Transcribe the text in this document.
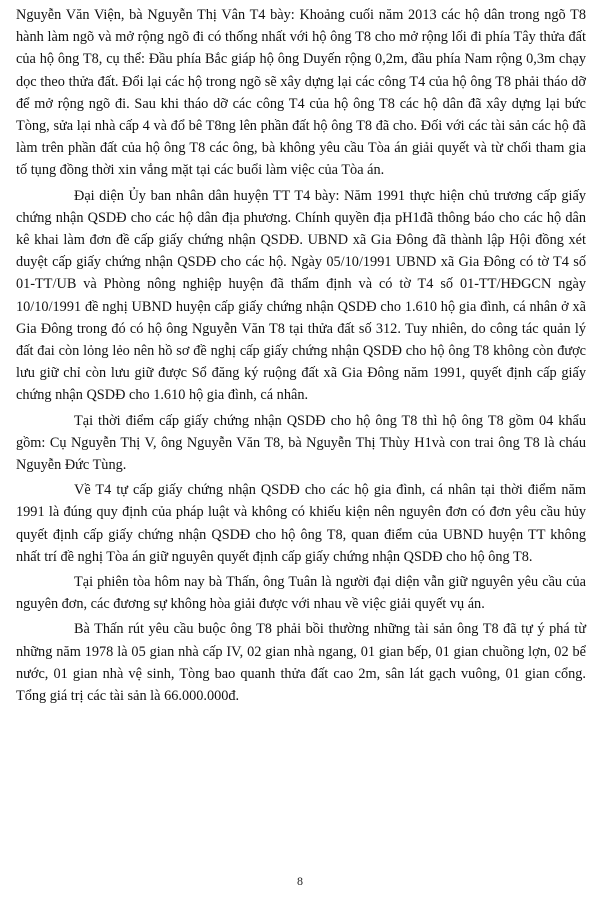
Nguyễn Văn Viện, bà Nguyễn Thị Vân T4 bày: Khoảng cuối năm 2013 các hộ dân trong ngõ T8 hành làm ngõ và mở rộng ngõ đi có thống nhất với hộ ông T8 cho mở rộng lối đi phía Tây thửa đất của hộ ông T8, cụ thể: Đầu phía Bắc giáp hộ ông Duyến rộng 0,2m, đầu phía Nam rộng 0,3m chạy dọc theo thửa đất. Đổi lại các hộ trong ngõ sẽ xây dựng lại các công T4 của hộ ông T8 phải tháo dỡ để mở rộng ngõ đi. Sau khi tháo dỡ các công T4 của hộ ông T8 các hộ dân đã xây dựng lại bức Tòng, sửa lại nhà cấp 4 và đổ bê T8ng lên phần đất hộ ông T8 đã cho. Đối với các tài sản các hộ đã làm trên phần đất của hộ ông T8 các ông, bà không yêu cầu Tòa án giải quyết và từ chối tham gia tố tụng đồng thời xin vắng mặt tại các buổi làm việc của Tòa án.

Đại diện Ủy ban nhân dân huyện TT T4 bày: Năm 1991 thực hiện chủ trương cấp giấy chứng nhận QSDĐ cho các hộ dân địa phương. Chính quyền địa pH1đã thông báo cho các hộ dân kê khai làm đơn đề cấp giấy chứng nhận QSDĐ. UBND xã Gia Đông đã thành lập Hội đồng xét duyệt cấp giấy chứng nhận QSDĐ cho các hộ. Ngày 05/10/1991 UBND xã Gia Đông có tờ T4 số 01-TT/UB và Phòng nông nghiệp huyện đã thẩm định và có tờ T4 số 01-TT/HĐGCN ngày 10/10/1991 đề nghị UBND huyện cấp giấy chứng nhận QSDĐ cho 1.610 hộ gia đình, cá nhân ở xã Gia Đông trong đó có hộ ông Nguyễn Văn T8 tại thửa đất số 312. Tuy nhiên, do công tác quản lý đất đai còn lỏng lẻo nên hồ sơ đề nghị cấp giấy chứng nhận QSDĐ cho hộ ông T8 không còn được lưu giữ chỉ còn lưu giữ được Sổ đăng ký ruộng đất xã Gia Đông năm 1991, quyết định cấp giấy chứng nhận QSDĐ cho 1.610 hộ gia đình, cá nhân.

Tại thời điểm cấp giấy chứng nhận QSDĐ cho hộ ông T8 thì hộ ông T8 gồm 04 khẩu gồm: Cụ Nguyễn Thị V, ông Nguyễn Văn T8, bà Nguyễn Thị Thùy H1và con trai ông T8 là cháu Nguyễn Đức Tùng.

Về T4 tự cấp giấy chứng nhận QSDĐ cho các hộ gia đình, cá nhân tại thời điểm năm 1991 là đúng quy định của pháp luật và không có khiếu kiện nên nguyên đơn có đơn yêu cầu hủy quyết định cấp giấy chứng nhận QSDĐ cho hộ ông T8, quan điểm của UBND huyện TT không nhất trí đề nghị Tòa án giữ nguyên quyết định cấp giấy chứng nhận QSDĐ cho hộ ông T8.

Tại phiên tòa hôm nay bà Thấn, ông Tuân là người đại diện vẫn giữ nguyên yêu cầu của nguyên đơn, các đương sự không hòa giải được với nhau về việc giải quyết vụ án.

Bà Thấn rút yêu cầu buộc ông T8 phải bồi thường những tài sản ông T8 đã tự ý phá từ những năm 1978 là 05 gian nhà cấp IV, 02 gian nhà ngang, 01 gian bếp, 01 gian chuồng lợn, 02 bể nước, 01 gian nhà vệ sinh, Tòng bao quanh thửa đất cao 2m, sân lát gạch vuông, 01 gian cổng. Tổng giá trị các tài sản là 66.000.000đ.

8
